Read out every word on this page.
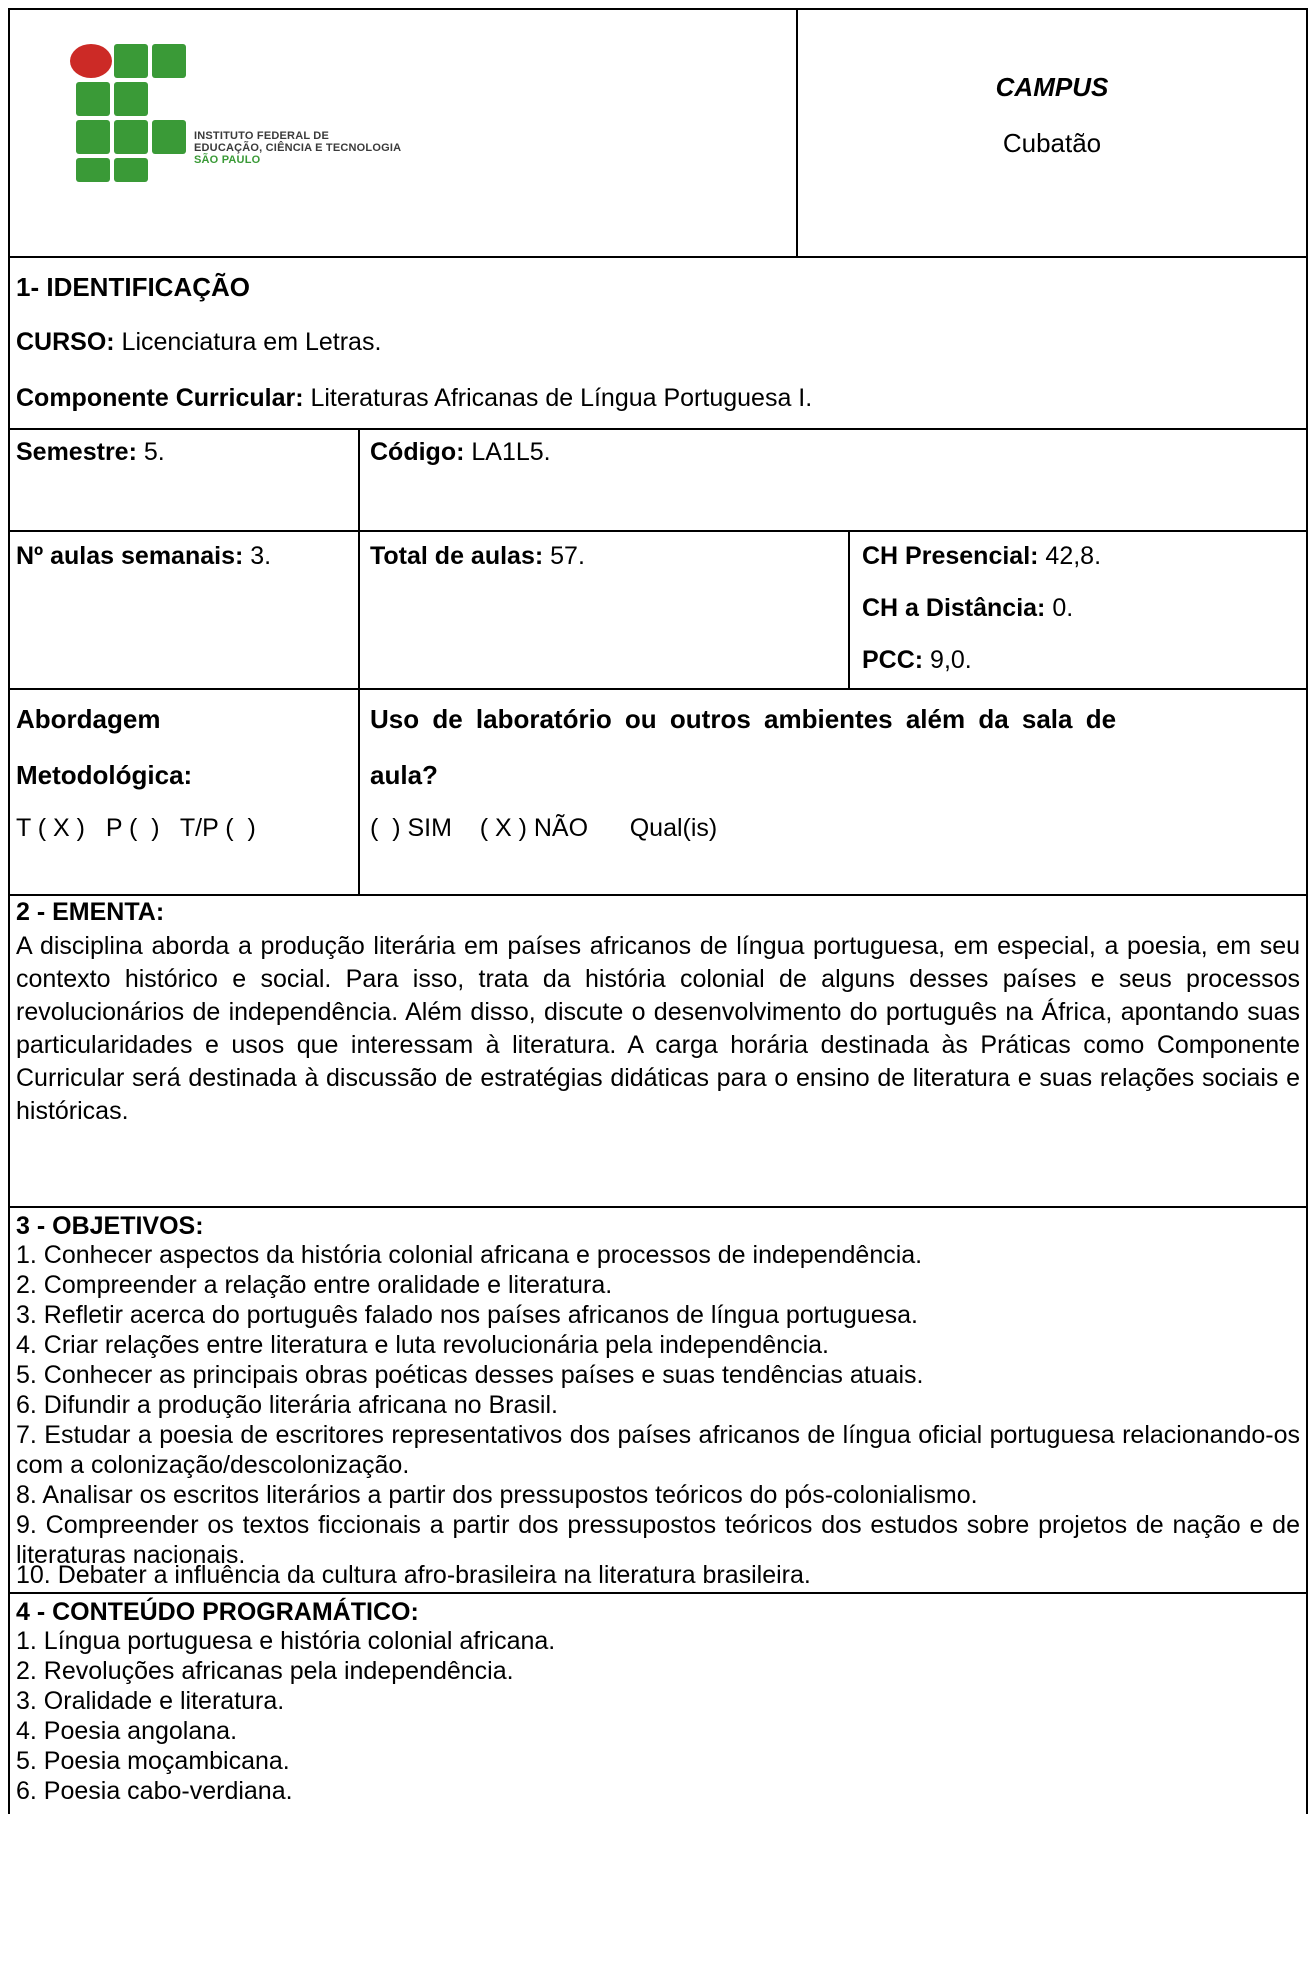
INSTITUTO FEDERAL DE
EDUCAÇÃO, CIÊNCIA E TECNOLOGIA
SÃO PAULO
CAMPUS
Cubatão
1- IDENTIFICAÇÃO
CURSO: Licenciatura em Letras.
Componente Curricular: Literaturas Africanas de Língua Portuguesa I.
Semestre: 5.	Código: LA1L5.
Nº aulas semanais: 3.	Total de aulas: 57.	CH Presencial: 42,8.
CH a Distância: 0.
PCC: 9,0.
Abordagem
Metodológica:
T ( X )   P (  )   T/P (  )
Uso de laboratório ou outros ambientes além da sala de
aula?
(  ) SIM    ( X ) NÃO      Qual(is)
2 - EMENTA:
A disciplina aborda a produção literária em países africanos de língua portuguesa, em especial, a poesia, em seu contexto histórico e social. Para isso, trata da história colonial de alguns desses países e seus processos revolucionários de independência. Além disso, discute o desenvolvimento do português na África, apontando suas particularidades e usos que interessam à literatura. A carga horária destinada às Práticas como Componente Curricular será destinada à discussão de estratégias didáticas para o ensino de literatura e suas relações sociais e históricas.
3 - OBJETIVOS:
1. Conhecer aspectos da história colonial africana e processos de independência.
2. Compreender a relação entre oralidade e literatura.
3. Refletir acerca do português falado nos países africanos de língua portuguesa.
4. Criar relações entre literatura e luta revolucionária pela independência.
5. Conhecer as principais obras poéticas desses países e suas tendências atuais.
6. Difundir a produção literária africana no Brasil.
7. Estudar a poesia de escritores representativos dos países africanos de língua oficial portuguesa relacionando-os com a colonização/descolonização.
8. Analisar os escritos literários a partir dos pressupostos teóricos do pós-colonialismo.
9. Compreender os textos ficcionais a partir dos pressupostos teóricos dos estudos sobre projetos de nação e de literaturas nacionais.
10. Debater a influência da cultura afro-brasileira na literatura brasileira.
4 - CONTEÚDO PROGRAMÁTICO:
1. Língua portuguesa e história colonial africana.
2. Revoluções africanas pela independência.
3. Oralidade e literatura.
4. Poesia angolana.
5. Poesia moçambicana.
6. Poesia cabo-verdiana.
